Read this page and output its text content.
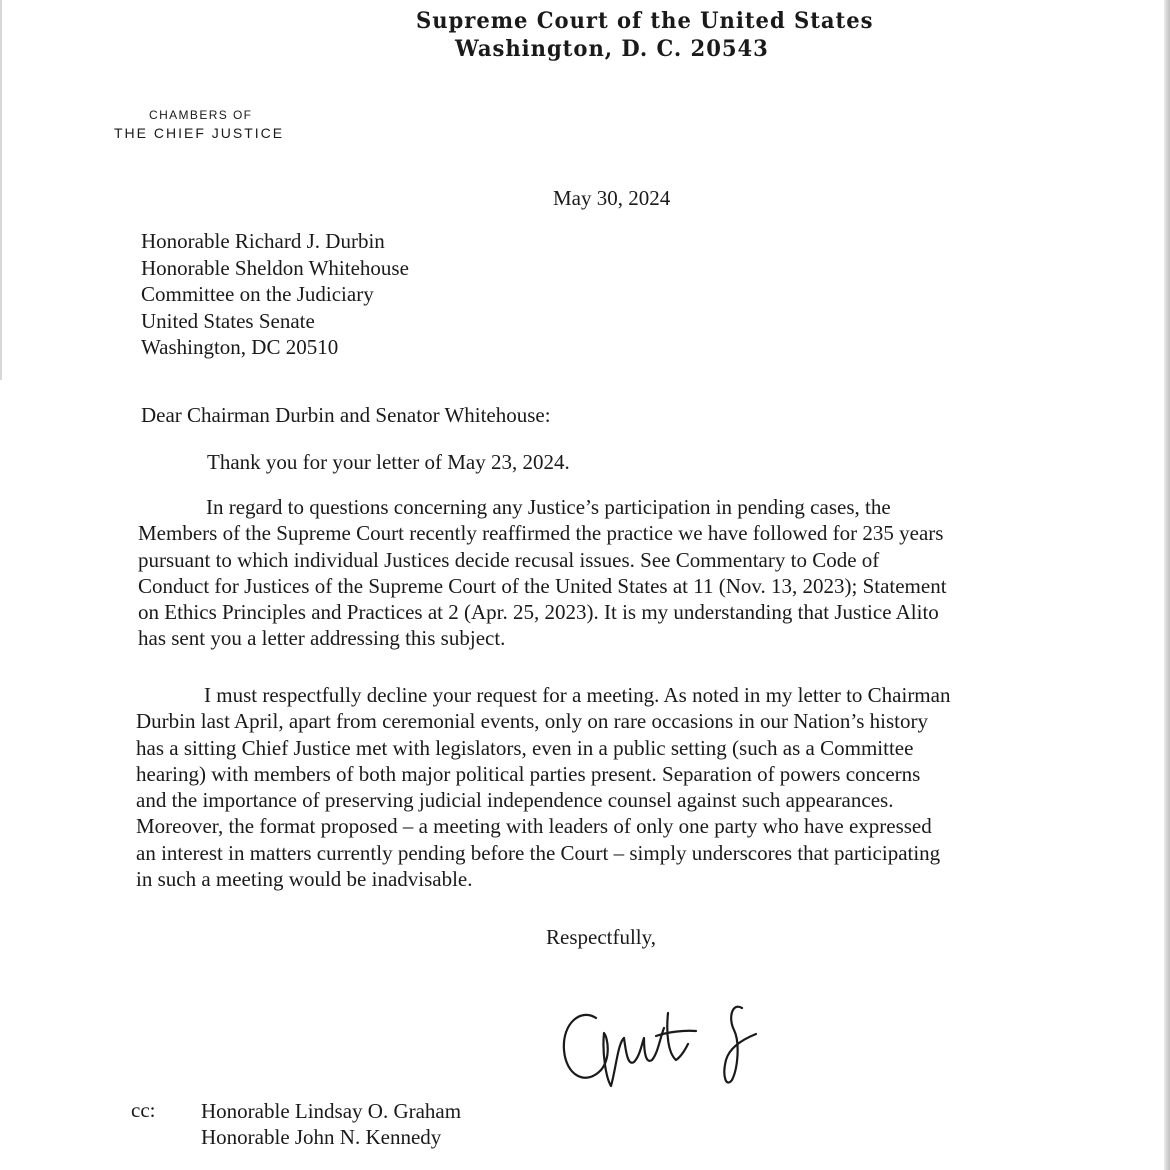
Supreme Court of the United States
Washington, D. C. 20543
CHAMBERS OF
THE CHIEF JUSTICE
May 30, 2024
Honorable Richard J. Durbin
Honorable Sheldon Whitehouse
Committee on the Judiciary
United States Senate
Washington, DC 20510
Dear Chairman Durbin and Senator Whitehouse:
Thank you for your letter of May 23, 2024.
In regard to questions concerning any Justice’s participation in pending cases, the
Members of the Supreme Court recently reaffirmed the practice we have followed for 235 years
pursuant to which individual Justices decide recusal issues. See Commentary to Code of
Conduct for Justices of the Supreme Court of the United States at 11 (Nov. 13, 2023); Statement
on Ethics Principles and Practices at 2 (Apr. 25, 2023). It is my understanding that Justice Alito
has sent you a letter addressing this subject.
I must respectfully decline your request for a meeting. As noted in my letter to Chairman
Durbin last April, apart from ceremonial events, only on rare occasions in our Nation’s history
has a sitting Chief Justice met with legislators, even in a public setting (such as a Committee
hearing) with members of both major political parties present. Separation of powers concerns
and the importance of preserving judicial independence counsel against such appearances.
Moreover, the format proposed – a meeting with leaders of only one party who have expressed
an interest in matters currently pending before the Court – simply underscores that participating
in such a meeting would be inadvisable.
Respectfully,
cc: Honorable Lindsay O. Graham
Honorable John N. Kennedy
